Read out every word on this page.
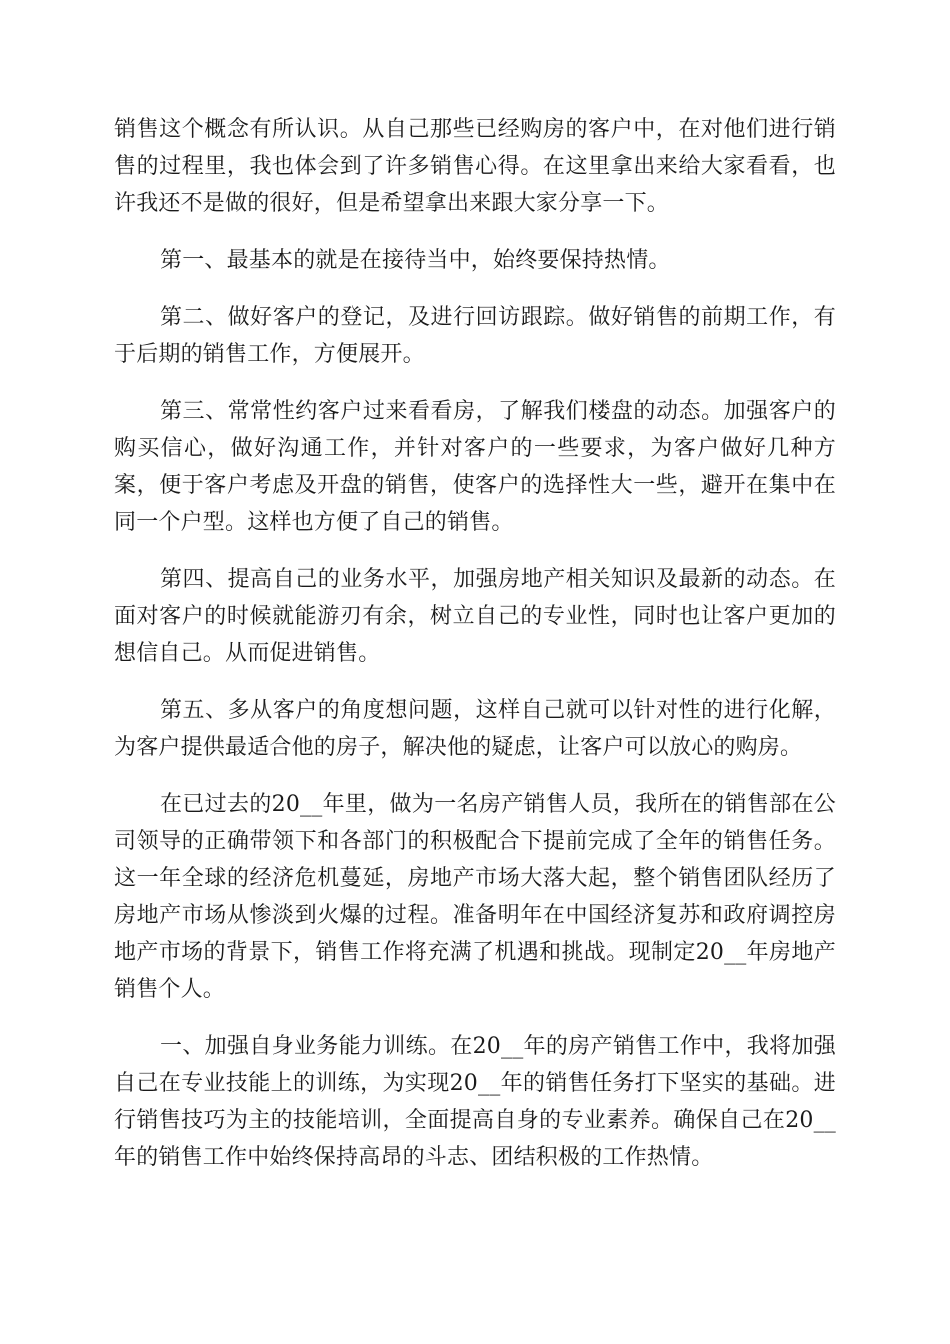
销售这个概念有所认识。从自己那些已经购房的客户中，在对他们进行销售的过程里，我也体会到了许多销售心得。在这里拿出来给大家看看，也许我还不是做的很好，但是希望拿出来跟大家分享一下。

第一、最基本的就是在接待当中，始终要保持热情。

第二、做好客户的登记，及进行回访跟踪。做好销售的前期工作，有于后期的销售工作，方便展开。

第三、常常性约客户过来看看房，了解我们楼盘的动态。加强客户的购买信心，做好沟通工作，并针对客户的一些要求，为客户做好几种方案，便于客户考虑及开盘的销售，使客户的选择性大一些，避开在集中在同一个户型。这样也方便了自己的销售。

第四、提高自己的业务水平，加强房地产相关知识及最新的动态。在面对客户的时候就能游刃有余，树立自己的专业性，同时也让客户更加的想信自己。从而促进销售。

第五、多从客户的角度想问题，这样自己就可以针对性的进行化解，为客户提供最适合他的房子，解决他的疑虑，让客户可以放心的购房。

在已过去的20__年里，做为一名房产销售人员，我所在的销售部在公司领导的正确带领下和各部门的积极配合下提前完成了全年的销售任务。这一年全球的经济危机蔓延，房地产市场大落大起，整个销售团队经历了房地产市场从惨淡到火爆的过程。准备明年在中国经济复苏和政府调控房地产市场的背景下，销售工作将充满了机遇和挑战。现制定20__年房地产销售个人。

一、加强自身业务能力训练。在20__年的房产销售工作中，我将加强自己在专业技能上的训练，为实现20__年的销售任务打下坚实的基础。进行销售技巧为主的技能培训，全面提高自身的专业素养。确保自己在20__年的销售工作中始终保持高昂的斗志、团结积极的工作热情。
